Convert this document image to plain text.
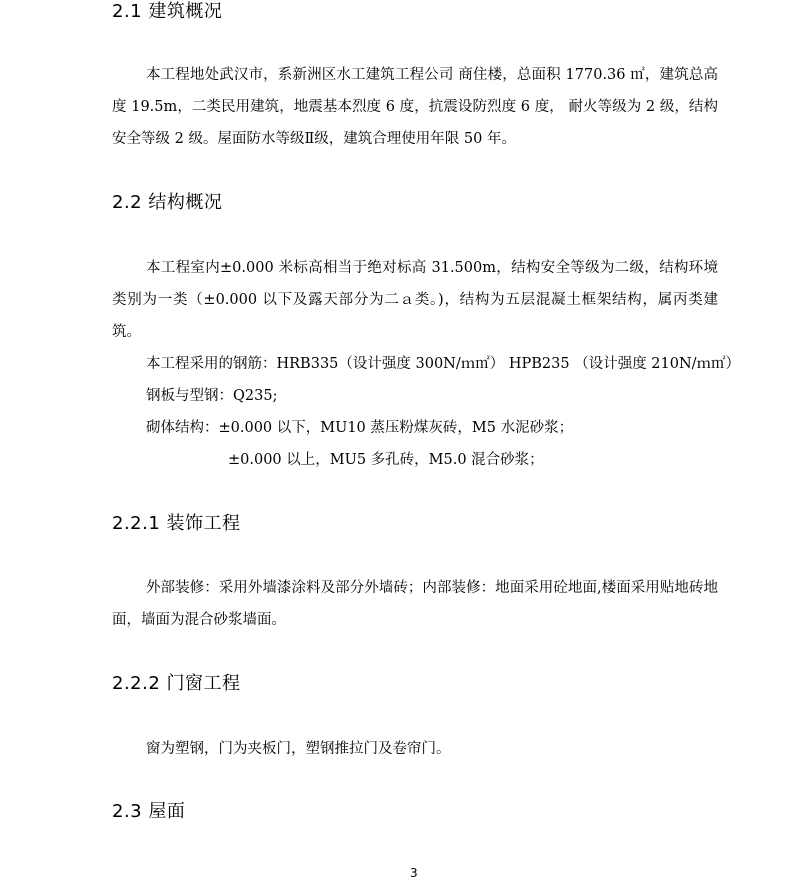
2.1 建筑概况

本工程地处武汉市，系新洲区水工建筑工程公司 商住楼，总面积 1770.36 ㎡，建筑总高度 19.5m，二类民用建筑，地震基本烈度 6 度，抗震设防烈度 6 度， 耐火等级为 2 级，结构安全等级 2 级。屋面防水等级Ⅱ级，建筑合理使用年限 50 年。

2.2 结构概况

本工程室内±0.000 米标高相当于绝对标高 31.500m，结构安全等级为二级，结构环境类别为一类（±0.000 以下及露天部分为二ａ类。)，结构为五层混凝土框架结构，属丙类建筑。

本工程采用的钢筋：HRB335（设计强度 300N/ｍ㎡） HPB235 （设计强度 210N/ｍ㎡）

钢板与型钢：Q235;

砌体结构：±0.000 以下，MU10 蒸压粉煤灰砖，M5 水泥砂浆；

±0.000 以上，MU5 多孔砖，M5.0 混合砂浆；

2.2.1 装饰工程

外部装修：采用外墙漆涂料及部分外墙砖；内部装修：地面采用砼地面,楼面采用贴地砖地面，墙面为混合砂浆墙面。

2.2.2 门窗工程

窗为塑钢，门为夹板门，塑钢推拉门及卷帘门。

2.3 屋面
3
